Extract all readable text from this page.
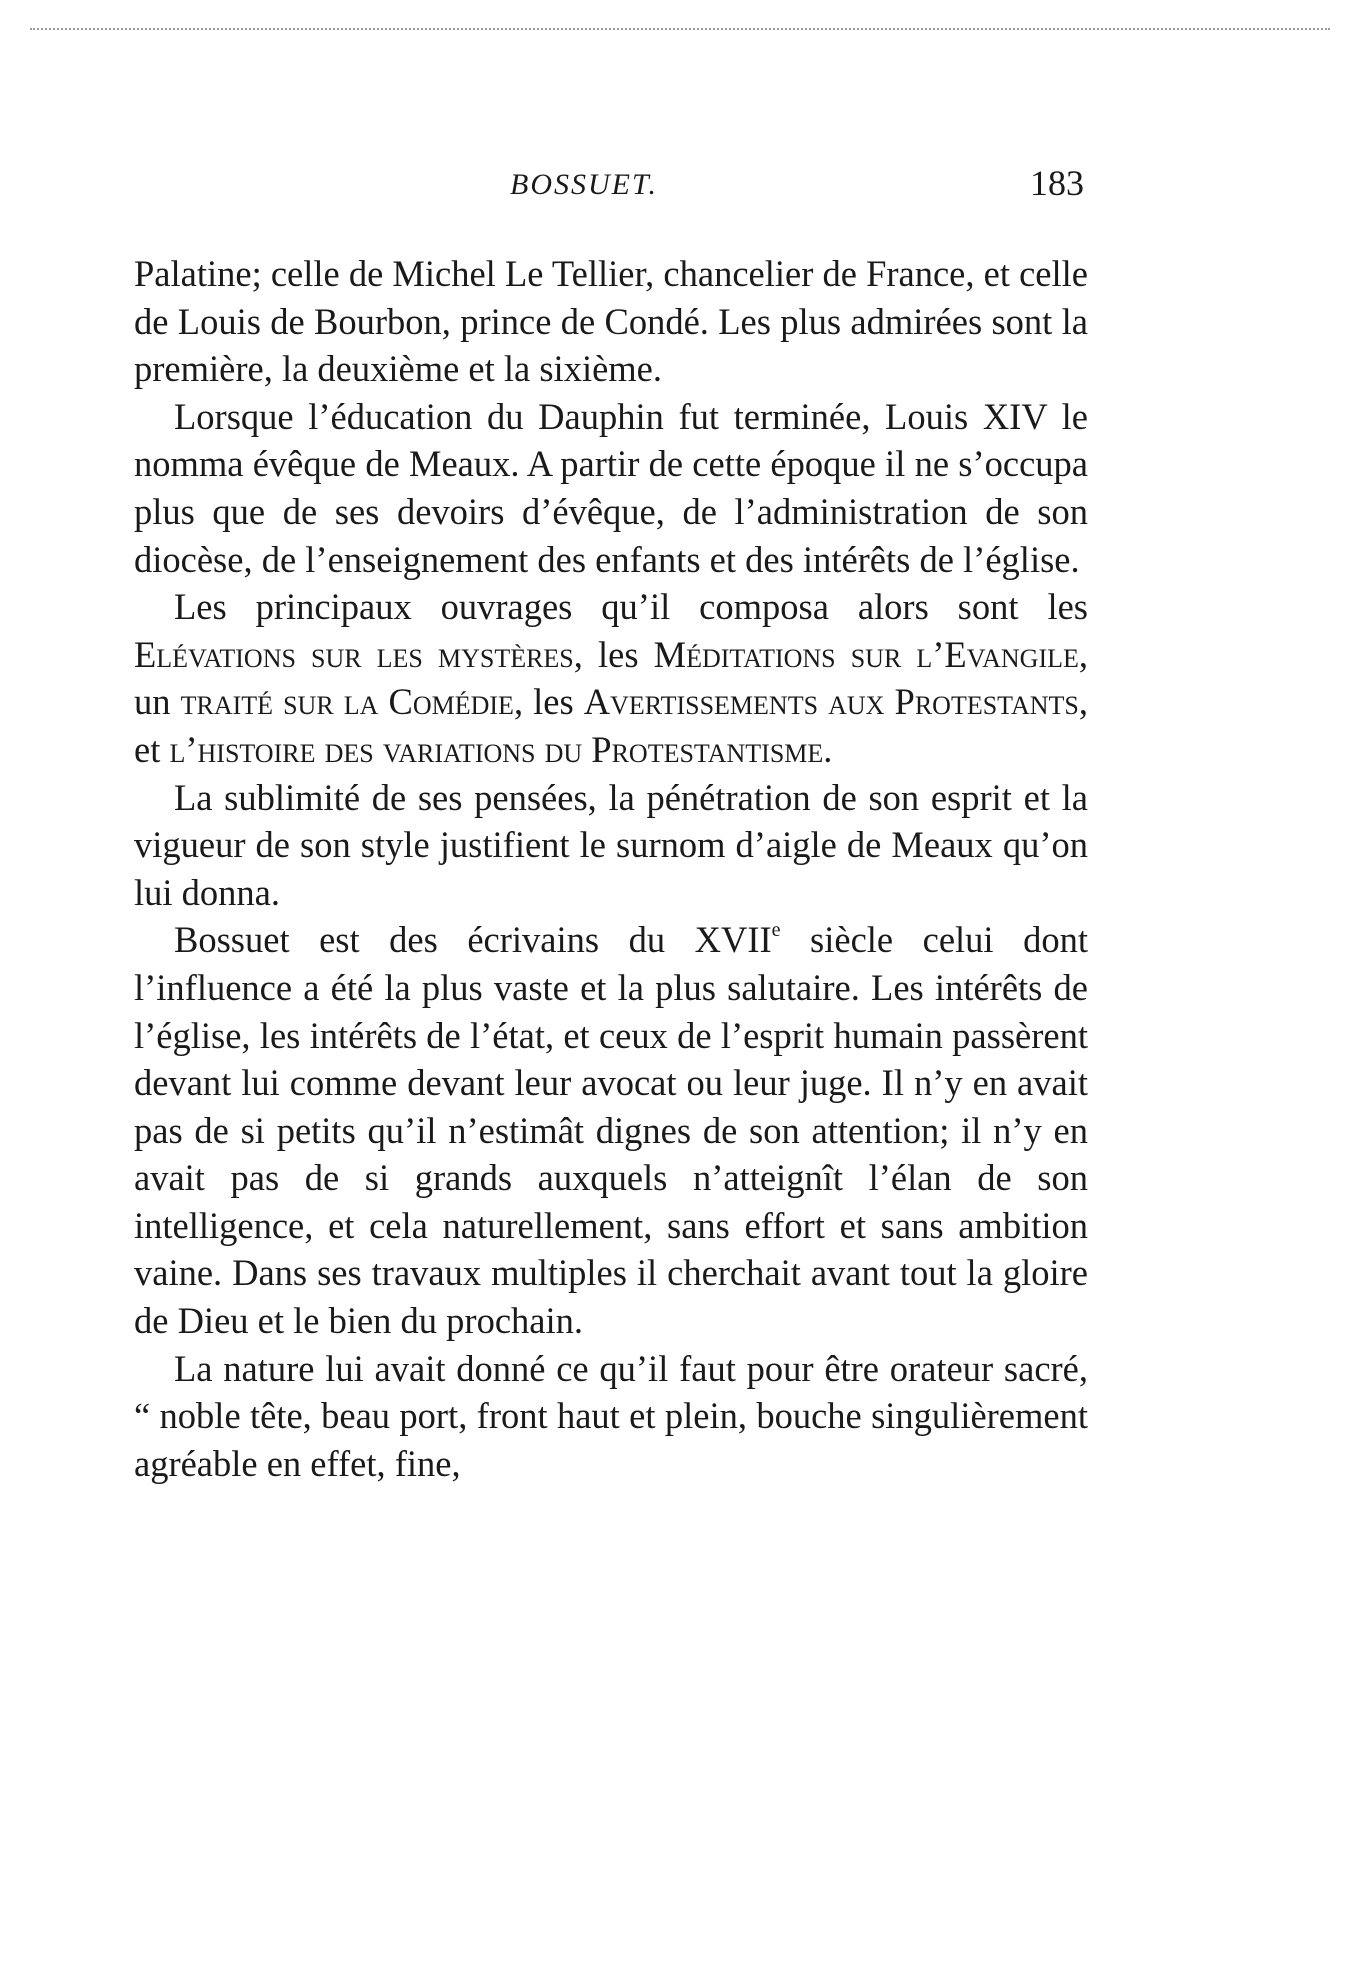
BOSSUET.	183

Palatine; celle de Michel Le Tellier, chancelier de France, et celle de Louis de Bourbon, prince de Condé. Les plus admirées sont la première, la deuxième et la sixième.

Lorsque l’éducation du Dauphin fut terminée, Louis XIV le nomma évêque de Meaux. A partir de cette époque il ne s’occupa plus que de ses devoirs d’évêque, de l’administration de son diocèse, de l’enseignement des enfants et des intérêts de l’église.

Les principaux ouvrages qu’il composa alors sont les Elévations sur les mystères, les Méditations sur l’Evangile, un traité sur la Comédie, les Avertissements aux Protestants, et l’histoire des variations du Protestantisme.

La sublimité de ses pensées, la pénétration de son esprit et la vigueur de son style justifient le surnom d’aigle de Meaux qu’on lui donna.

Bossuet est des écrivains du XVIIe siècle celui dont l’influence a été la plus vaste et la plus salutaire. Les intérêts de l’église, les intérêts de l’état, et ceux de l’esprit humain passèrent devant lui comme devant leur avocat ou leur juge. Il n’y en avait pas de si petits qu’il n’estimât dignes de son attention; il n’y en avait pas de si grands auxquels n’atteignît l’élan de son intelligence, et cela naturellement, sans effort et sans ambition vaine. Dans ses travaux multiples il cherchait avant tout la gloire de Dieu et le bien du prochain.

La nature lui avait donné ce qu’il faut pour être orateur sacré, “ noble tête, beau port, front haut et plein, bouche singulièrement agréable en effet, fine,
